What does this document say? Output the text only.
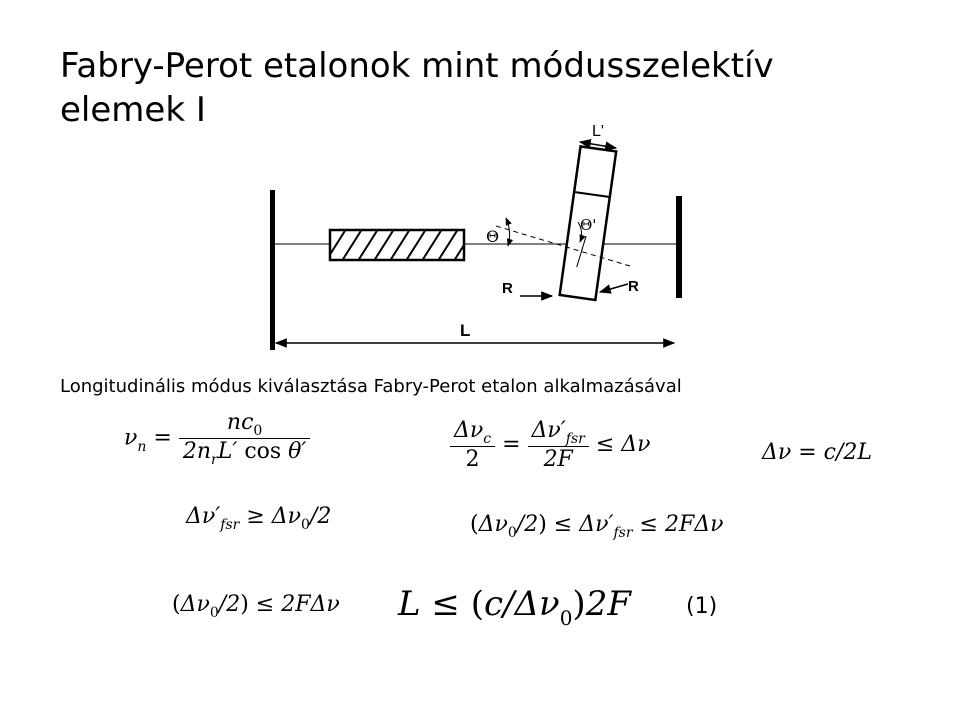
Fabry-Perot etalonok mint módusszelektív
elemek I
L'
Θ
Θ'
R	R
L
Longitudinális módus kiválasztása Fabry-Perot etalon alkalmazásával
$\nu n = \frac{nc0}{\text{2nrL′ cos θ′}}$	$\frac{\text{Δνc}}{2} = \frac{\text{Δν′fsr}}{2F} \le \Delta\nu$	Δν = c/2L
Δν′fsr ≥ Δν0/2	(Δν0/2) ≤ Δν′fsr ≤ 2FΔν
(Δν0/2) ≤ 2FΔν L ≤ (c/Δν0)2F	(1)
